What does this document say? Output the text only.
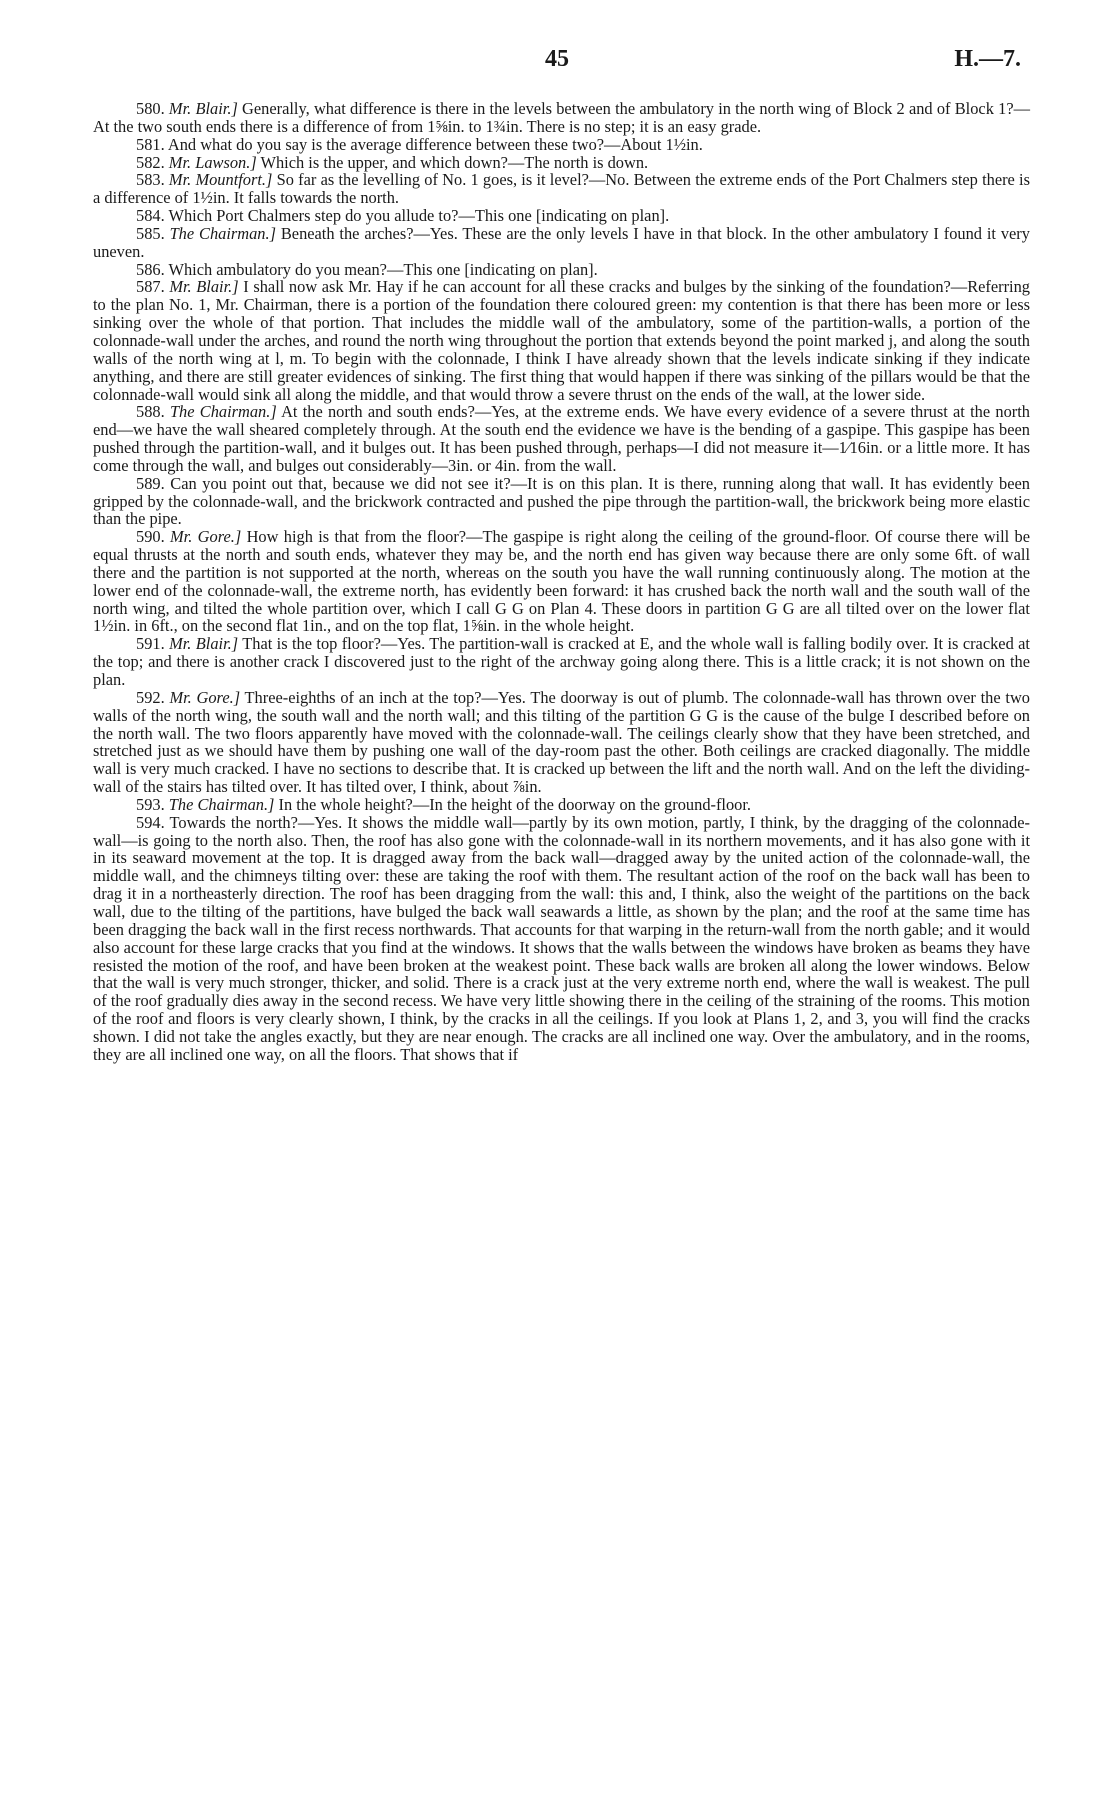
45	H.—7.

580. Mr. Blair.] Generally, what difference is there in the levels between the ambulatory in the north wing of Block 2 and of Block 1?—At the two south ends there is a difference of from 1⅝in. to 1¾in. There is no step; it is an easy grade.

581. And what do you say is the average difference between these two?—About 1½in.

582. Mr. Lawson.] Which is the upper, and which down?—The north is down.

583. Mr. Mountfort.] So far as the levelling of No. 1 goes, is it level?—No. Between the extreme ends of the Port Chalmers step there is a difference of 1½in. It falls towards the north.

584. Which Port Chalmers step do you allude to?—This one [indicating on plan].

585. The Chairman.] Beneath the arches?—Yes. These are the only levels I have in that block. In the other ambulatory I found it very uneven.

586. Which ambulatory do you mean?—This one [indicating on plan].

587. Mr. Blair.] I shall now ask Mr. Hay if he can account for all these cracks and bulges by the sinking of the foundation?—Referring to the plan No. 1, Mr. Chairman, there is a portion of the foundation there coloured green: my contention is that there has been more or less sinking over the whole of that portion. That includes the middle wall of the ambulatory, some of the partition-walls, a portion of the colonnade-wall under the arches, and round the north wing throughout the portion that extends beyond the point marked j, and along the south walls of the north wing at l, m. To begin with the colonnade, I think I have already shown that the levels indicate sinking if they indicate anything, and there are still greater evidences of sinking. The first thing that would happen if there was sinking of the pillars would be that the colonnade-wall would sink all along the middle, and that would throw a severe thrust on the ends of the wall, at the lower side.

588. The Chairman.] At the north and south ends?—Yes, at the extreme ends. We have every evidence of a severe thrust at the north end—we have the wall sheared completely through. At the south end the evidence we have is the bending of a gaspipe. This gaspipe has been pushed through the partition-wall, and it bulges out. It has been pushed through, perhaps—I did not measure it—1⁄16in. or a little more. It has come through the wall, and bulges out considerably—3in. or 4in. from the wall.

589. Can you point out that, because we did not see it?—It is on this plan. It is there, running along that wall. It has evidently been gripped by the colonnade-wall, and the brickwork contracted and pushed the pipe through the partition-wall, the brickwork being more elastic than the pipe.

590. Mr. Gore.] How high is that from the floor?—The gaspipe is right along the ceiling of the ground-floor. Of course there will be equal thrusts at the north and south ends, whatever they may be, and the north end has given way because there are only some 6ft. of wall there and the partition is not supported at the north, whereas on the south you have the wall running continuously along. The motion at the lower end of the colonnade-wall, the extreme north, has evidently been forward: it has crushed back the north wall and the south wall of the north wing, and tilted the whole partition over, which I call G G on Plan 4. These doors in partition G G are all tilted over on the lower flat 1½in. in 6ft., on the second flat 1in., and on the top flat, 1⅝in. in the whole height.

591. Mr. Blair.] That is the top floor?—Yes. The partition-wall is cracked at E, and the whole wall is falling bodily over. It is cracked at the top; and there is another crack I discovered just to the right of the archway going along there. This is a little crack; it is not shown on the plan.

592. Mr. Gore.] Three-eighths of an inch at the top?—Yes. The doorway is out of plumb. The colonnade-wall has thrown over the two walls of the north wing, the south wall and the north wall; and this tilting of the partition G G is the cause of the bulge I described before on the north wall. The two floors apparently have moved with the colonnade-wall. The ceilings clearly show that they have been stretched, and stretched just as we should have them by pushing one wall of the day-room past the other. Both ceilings are cracked diagonally. The middle wall is very much cracked. I have no sections to describe that. It is cracked up between the lift and the north wall. And on the left the dividing-wall of the stairs has tilted over. It has tilted over, I think, about ⅞in.

593. The Chairman.] In the whole height?—In the height of the doorway on the ground-floor.

594. Towards the north?—Yes. It shows the middle wall—partly by its own motion, partly, I think, by the dragging of the colonnade-wall—is going to the north also. Then, the roof has also gone with the colonnade-wall in its northern movements, and it has also gone with it in its seaward movement at the top. It is dragged away from the back wall—dragged away by the united action of the colonnade-wall, the middle wall, and the chimneys tilting over: these are taking the roof with them. The resultant action of the roof on the back wall has been to drag it in a northeasterly direction. The roof has been dragging from the wall: this and, I think, also the weight of the partitions on the back wall, due to the tilting of the partitions, have bulged the back wall seawards a little, as shown by the plan; and the roof at the same time has been dragging the back wall in the first recess northwards. That accounts for that warping in the return-wall from the north gable; and it would also account for these large cracks that you find at the windows. It shows that the walls between the windows have broken as beams they have resisted the motion of the roof, and have been broken at the weakest point. These back walls are broken all along the lower windows. Below that the wall is very much stronger, thicker, and solid. There is a crack just at the very extreme north end, where the wall is weakest. The pull of the roof gradually dies away in the second recess. We have very little showing there in the ceiling of the straining of the rooms. This motion of the roof and floors is very clearly shown, I think, by the cracks in all the ceilings. If you look at Plans 1, 2, and 3, you will find the cracks shown. I did not take the angles exactly, but they are near enough. The cracks are all inclined one way. Over the ambulatory, and in the rooms, they are all inclined one way, on all the floors. That shows that if
